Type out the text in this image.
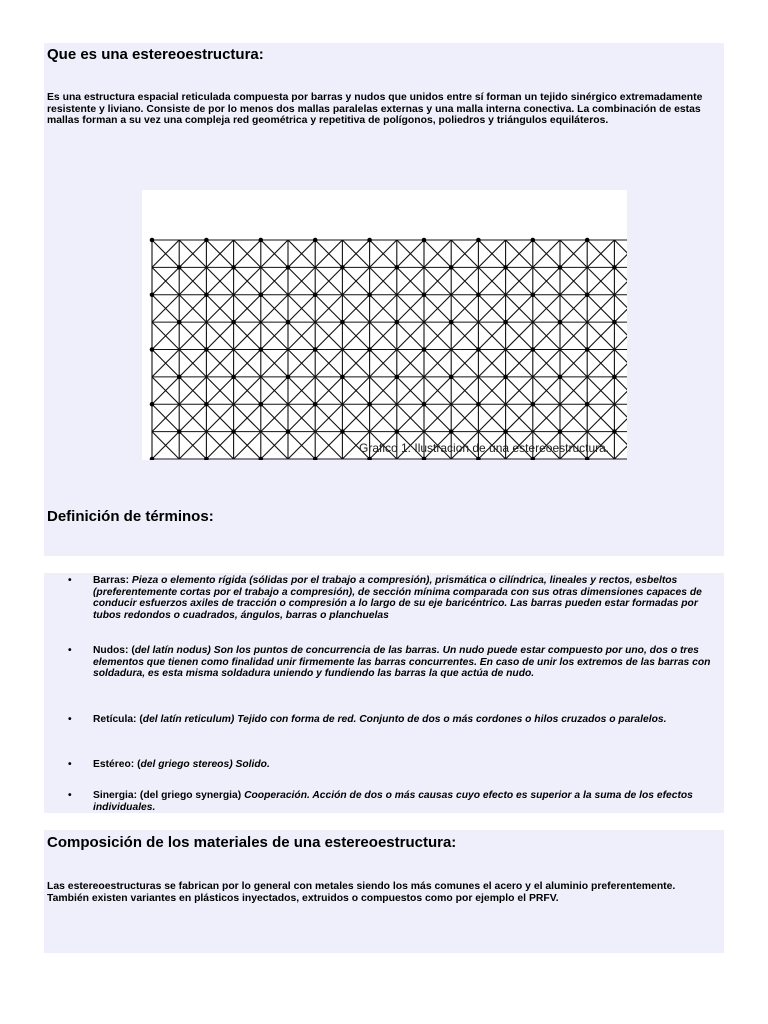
Que es una estereoestructura:

Es una estructura espacial reticulada compuesta por barras y nudos que unidos entre sí forman un tejido sinérgico extremadamente resistente y liviano. Consiste de por lo menos dos mallas paralelas externas y una malla interna conectiva. La combinación de estas mallas forman a su vez una compleja red geométrica y repetitiva de polígonos, poliedros y triángulos equiláteros.

Grafico 1. Ilustracion de una estereoestructura.
Definición de términos:
• Barras: Pieza o elemento rígida (sólidas por el trabajo a compresión), prismática o cilíndrica, lineales y rectos, esbeltos (preferentemente cortas por el trabajo a compresión), de sección mínima comparada con sus otras dimensiones capaces de conducir esfuerzos axiles de tracción o compresión a lo largo de su eje baricéntrico. Las barras pueden estar formadas por tubos redondos o cuadrados, ángulos, barras o planchuelas
• Nudos: (del latín nodus) Son los puntos de concurrencia de las barras. Un nudo puede estar compuesto por uno, dos o tres elementos que tienen como finalidad unir firmemente las barras concurrentes. En caso de unir los extremos de las barras con soldadura, es esta misma soldadura uniendo y fundiendo las barras la que actúa de nudo.
• Retícula: (del latín reticulum) Tejido con forma de red. Conjunto de dos o más cordones o hilos cruzados o paralelos.
• Estéreo: (del griego stereos) Solido.
• Sinergia: (del griego synergia) Cooperación. Acción de dos o más causas cuyo efecto es superior a la suma de los efectos individuales.
Composición de los materiales de una estereoestructura:

Las estereoestructuras se fabrican por lo general con metales siendo los más comunes el acero y el aluminio preferentemente. También existen variantes en plásticos inyectados, extruidos o compuestos como por ejemplo el PRFV.
